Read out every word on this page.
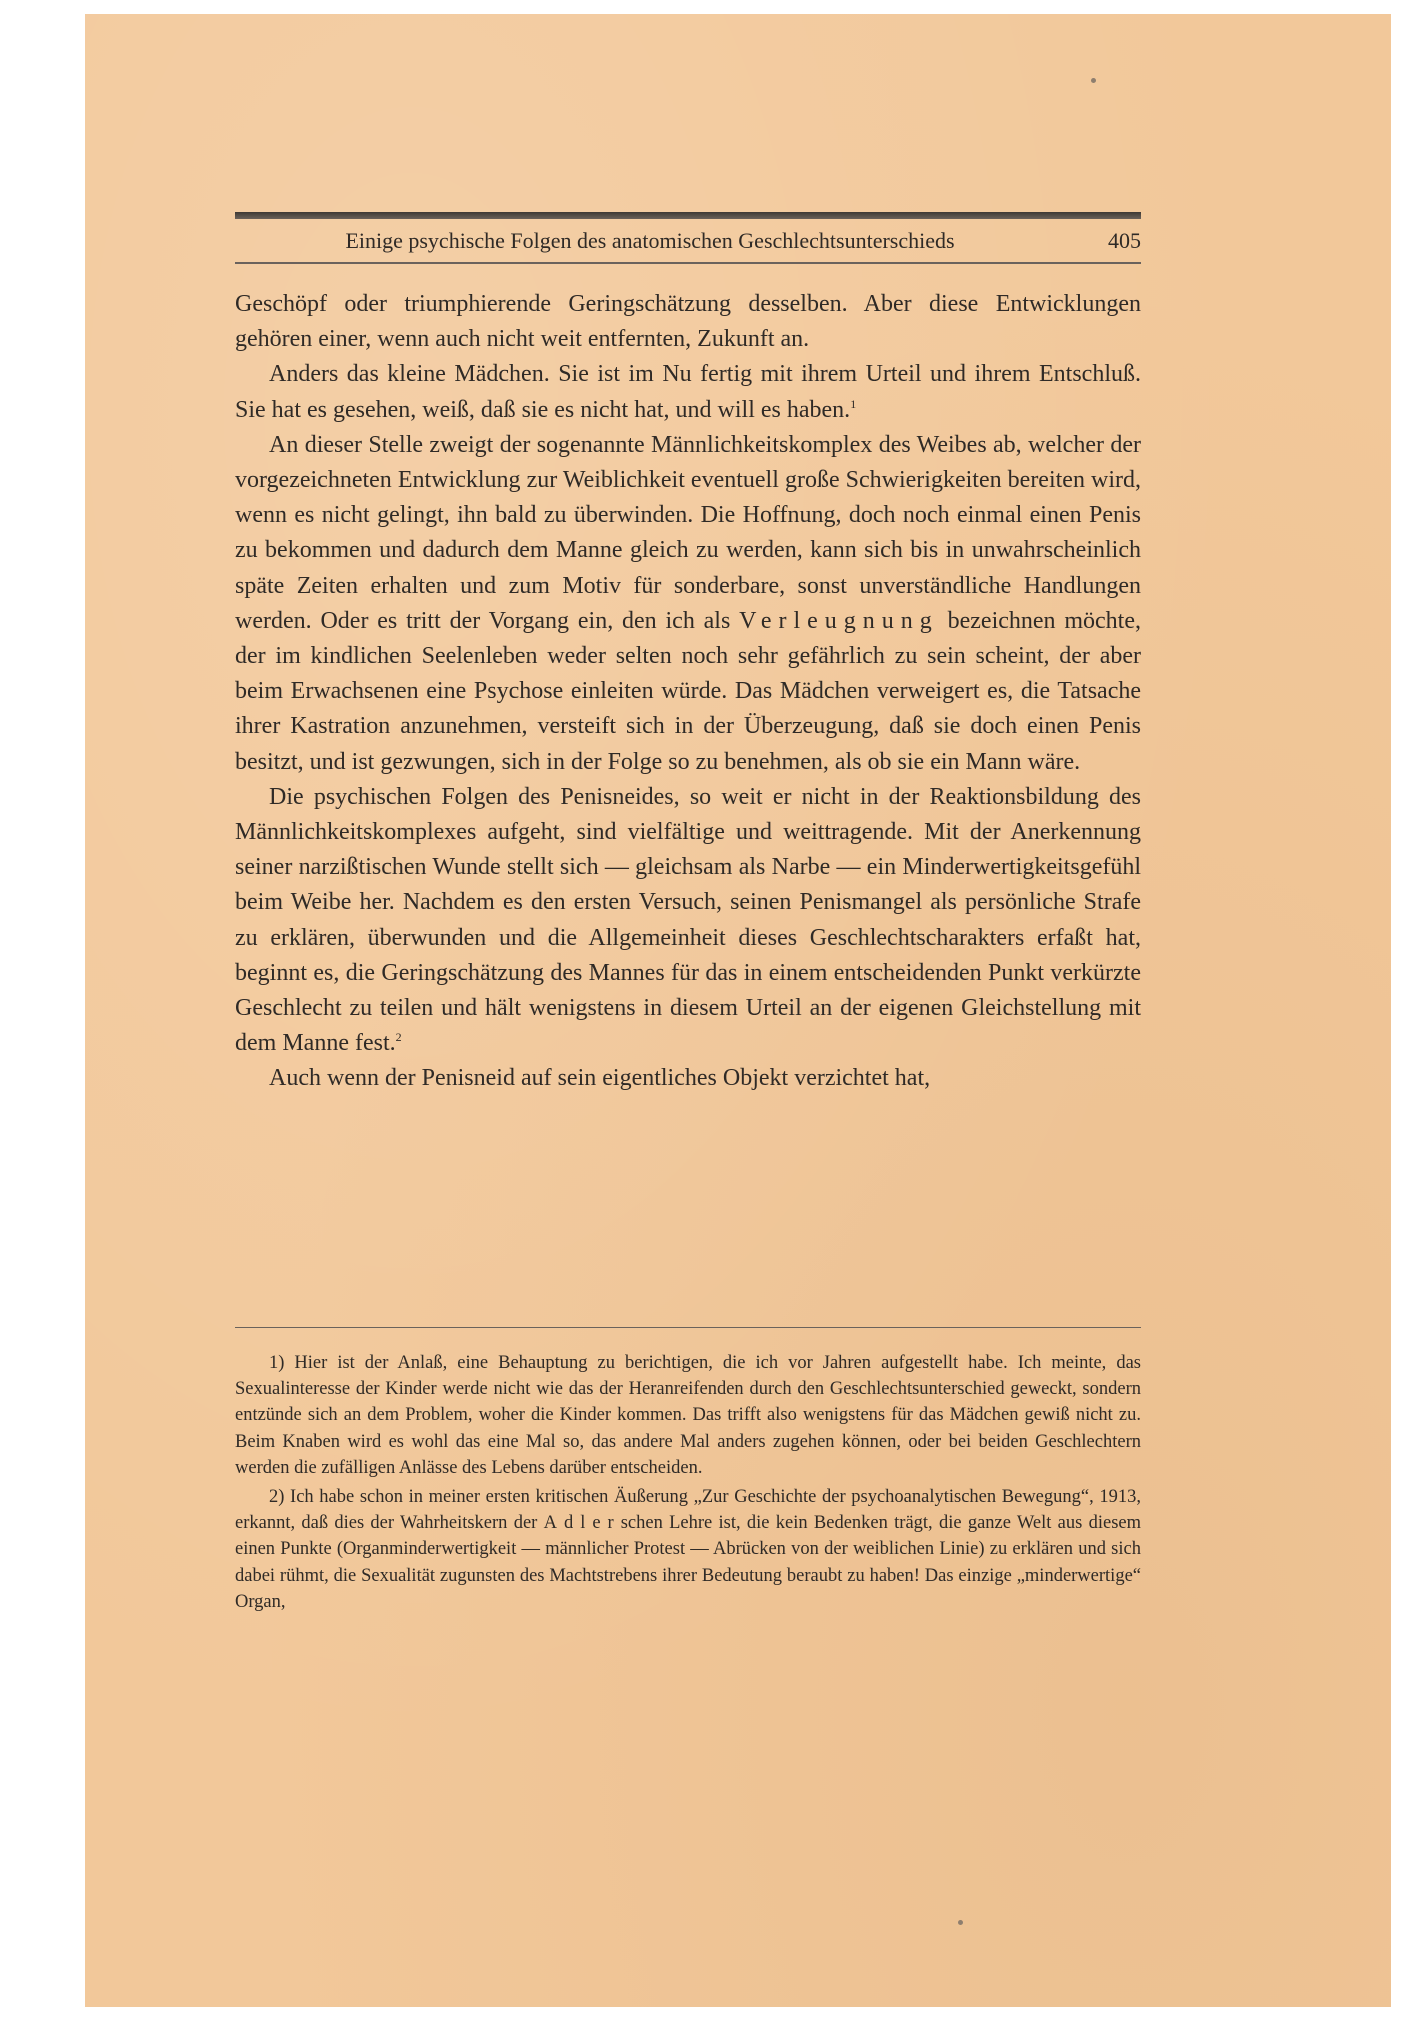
Einige psychische Folgen des anatomischen Geschlechtsunterschieds	405

Geschöpf oder triumphierende Geringschätzung desselben. Aber diese Entwicklungen gehören einer, wenn auch nicht weit entfernten, Zukunft an.

Anders das kleine Mädchen. Sie ist im Nu fertig mit ihrem Urteil und ihrem Entschluß. Sie hat es gesehen, weiß, daß sie es nicht hat, und will es haben.$^1$

An dieser Stelle zweigt der sogenannte Männlichkeitskomplex des Weibes ab, welcher der vorgezeichneten Entwicklung zur Weiblichkeit eventuell große Schwierigkeiten bereiten wird, wenn es nicht gelingt, ihn bald zu überwinden. Die Hoffnung, doch noch einmal einen Penis zu bekommen und dadurch dem Manne gleich zu werden, kann sich bis in unwahrscheinlich späte Zeiten erhalten und zum Motiv für sonderbare, sonst unverständliche Handlungen werden. Oder es tritt der Vorgang ein, den ich als Verleugnung bezeichnen möchte, der im kindlichen Seelenleben weder selten noch sehr gefährlich zu sein scheint, der aber beim Erwachsenen eine Psychose einleiten würde. Das Mädchen verweigert es, die Tatsache ihrer Kastration anzunehmen, versteift sich in der Überzeugung, daß sie doch einen Penis besitzt, und ist gezwungen, sich in der Folge so zu benehmen, als ob sie ein Mann wäre.

Die psychischen Folgen des Penisneides, so weit er nicht in der Reaktionsbildung des Männlichkeitskomplexes aufgeht, sind vielfältige und weittragende. Mit der Anerkennung seiner narzißtischen Wunde stellt sich — gleichsam als Narbe — ein Minderwertigkeitsgefühl beim Weibe her. Nachdem es den ersten Versuch, seinen Penismangel als persönliche Strafe zu erklären, überwunden und die Allgemeinheit dieses Geschlechtscharakters erfaßt hat, beginnt es, die Geringschätzung des Mannes für das in einem entscheidenden Punkt verkürzte Geschlecht zu teilen und hält wenigstens in diesem Urteil an der eigenen Gleichstellung mit dem Manne fest.$^2$

Auch wenn der Penisneid auf sein eigentliches Objekt verzichtet hat,

1) Hier ist der Anlaß, eine Behauptung zu berichtigen, die ich vor Jahren aufgestellt habe. Ich meinte, das Sexualinteresse der Kinder werde nicht wie das der Heranreifenden durch den Geschlechtsunterschied geweckt, sondern entzünde sich an dem Problem, woher die Kinder kommen. Das trifft also wenigstens für das Mädchen gewiß nicht zu. Beim Knaben wird es wohl das eine Mal so, das andere Mal anders zugehen können, oder bei beiden Geschlechtern werden die zufälligen Anlässe des Lebens darüber entscheiden.

2) Ich habe schon in meiner ersten kritischen Äußerung „Zur Geschichte der psychoanalytischen Bewegung“, 1913, erkannt, daß dies der Wahrheitskern der Adlerschen Lehre ist, die kein Bedenken trägt, die ganze Welt aus diesem einen Punkte (Organminderwertigkeit — männlicher Protest — Abrücken von der weiblichen Linie) zu erklären und sich dabei rühmt, die Sexualität zugunsten des Machtstrebens ihrer Bedeutung beraubt zu haben! Das einzige „minderwertige“ Organ,
